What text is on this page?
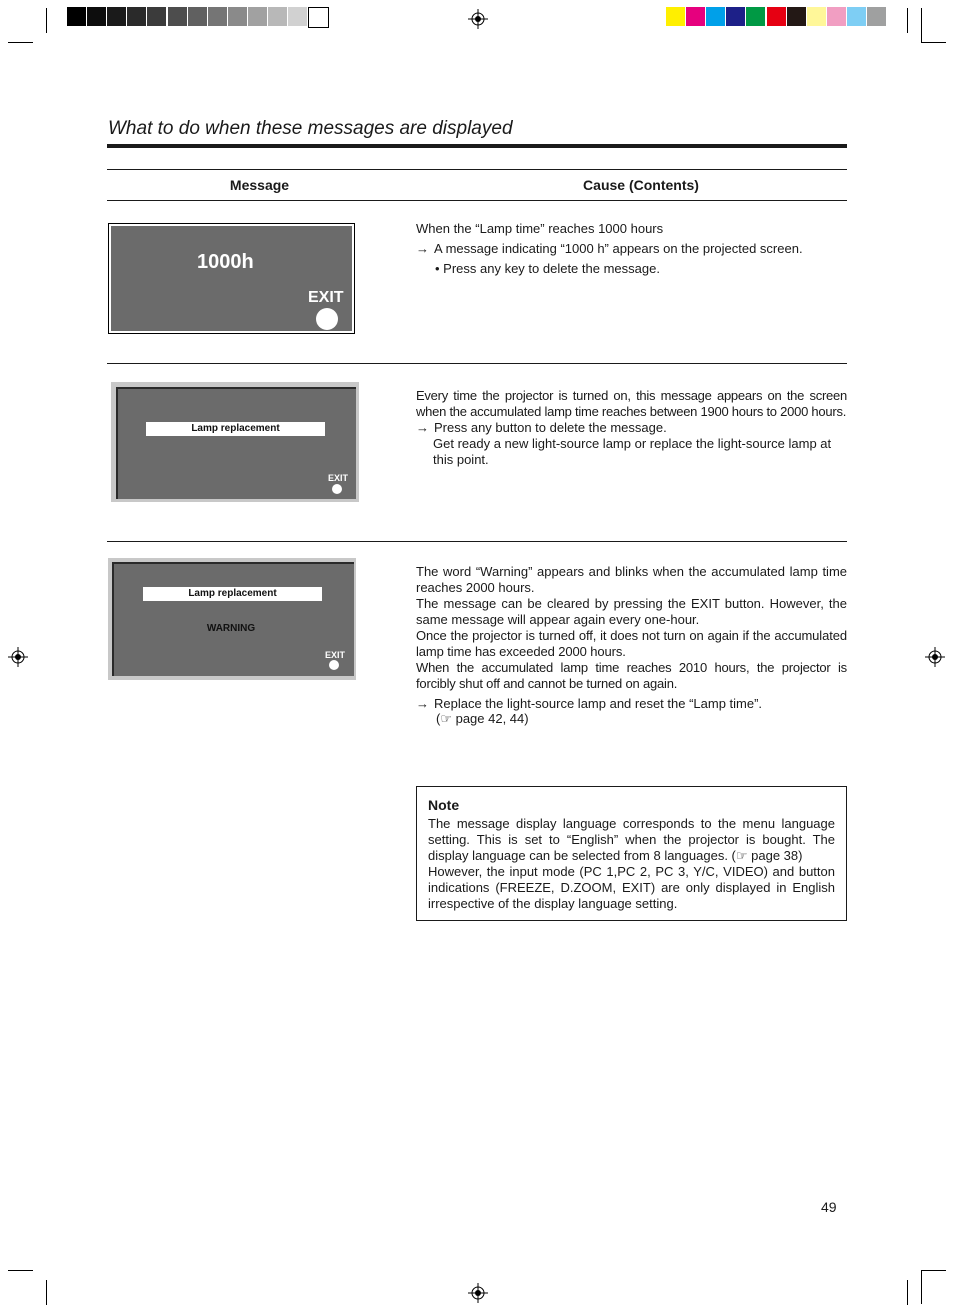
What to do when these messages are displayed
Message	Cause (Contents)
1000h
EXIT
When the “Lamp time” reaches 1000 hours
→ A message indicating “1000 h” appears on the projected screen.
• Press any key to delete the message.
Lamp replacement
EXIT
Every time the projector is turned on, this message appears on the screen when the accumulated lamp time reaches between 1900 hours to 2000 hours.
→ Press any button to delete the message.
Get ready a new light-source lamp or replace the light-source lamp at this point.
Lamp replacement
WARNING
EXIT
The word “Warning” appears and blinks when the accumulated lamp time reaches 2000 hours.
The message can be cleared by pressing the EXIT button. However, the same message will appear again every one-hour.
Once the projector is turned off, it does not turn on again if the accumulated lamp time has exceeded 2000 hours.
When the accumulated lamp time reaches 2010 hours, the projector is forcibly shut off and cannot be turned on again.
→ Replace the light-source lamp and reset the “Lamp time”.
(☞ page 42, 44)
Note
The message display language corresponds to the menu language setting. This is set to “English” when the projector is bought. The display language can be selected from 8 languages. (☞ page 38)
However, the input mode (PC 1,PC 2, PC 3, Y/C, VIDEO) and button indications (FREEZE, D.ZOOM, EXIT) are only displayed in English irrespective of the display language setting.
49
